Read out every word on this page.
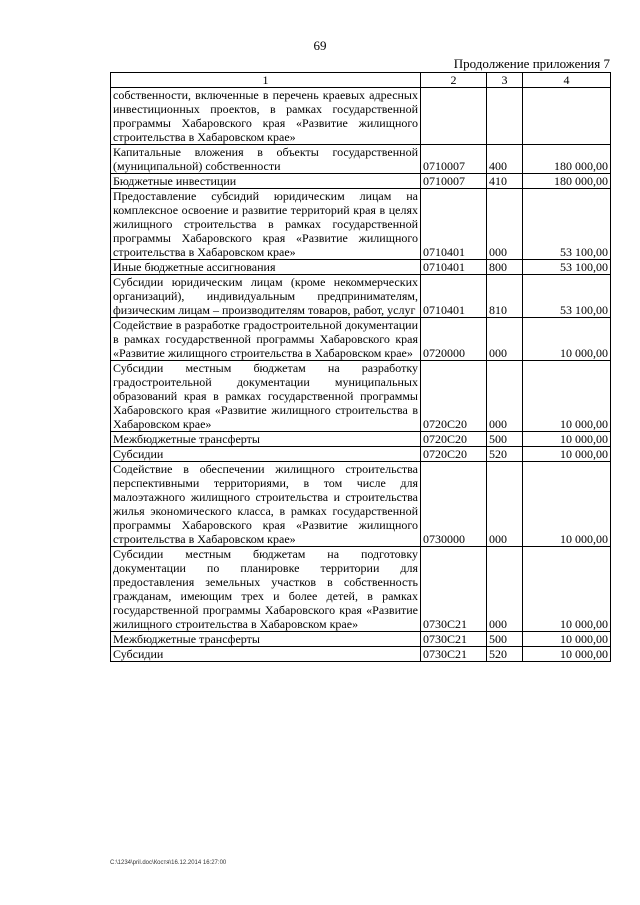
69
Продолжение приложения 7
1	2	3	4
собственности, включенные в перечень краевых адресных инвестиционных проектов, в рамках государственной программы Хабаровского края «Развитие жилищного строительства в Хабаровском крае»			
Капитальные вложения в объекты государственной (муниципальной) собственности	0710007	400	180 000,00
Бюджетные инвестиции	0710007	410	180 000,00
Предоставление субсидий юридическим лицам на комплексное освоение и развитие территорий края в целях жилищного строительства в рамках государственной программы Хабаровского края «Развитие жилищного строительства в Хабаровском крае»	0710401	000	53 100,00
Иные бюджетные ассигнования	0710401	800	53 100,00
Субсидии юридическим лицам (кроме некоммерческих организаций), индивидуальным предпринимателям, физическим лицам – производителям товаров, работ, услуг	0710401	810	53 100,00
Содействие в разработке градостроительной документации в рамках государственной программы Хабаровского края «Развитие жилищного строительства в Хабаровском крае»	0720000	000	10 000,00
Субсидии местным бюджетам на разработку градостроительной документации муниципальных образований края в рамках государственной программы Хабаровского края «Развитие жилищного строительства в Хабаровском крае»	0720С20	000	10 000,00
Межбюджетные трансферты	0720С20	500	10 000,00
Субсидии	0720С20	520	10 000,00
Содействие в обеспечении жилищного строительства перспективными территориями, в том числе для малоэтажного жилищного строительства и строительства жилья экономического класса, в рамках государственной программы Хабаровского края «Развитие жилищного строительства в Хабаровском крае»	0730000	000	10 000,00
Субсидии местным бюджетам на подготовку документации по планировке территории для предоставления земельных участков в собственность гражданам, имеющим трех и более детей, в рамках государственной программы Хабаровского края «Развитие жилищного строительства в Хабаровском крае»	0730С21	000	10 000,00
Межбюджетные трансферты	0730С21	500	10 000,00
Субсидии	0730С21	520	10 000,00
C:\1234\pril.doc\Костя\16.12.2014 16:27:00
